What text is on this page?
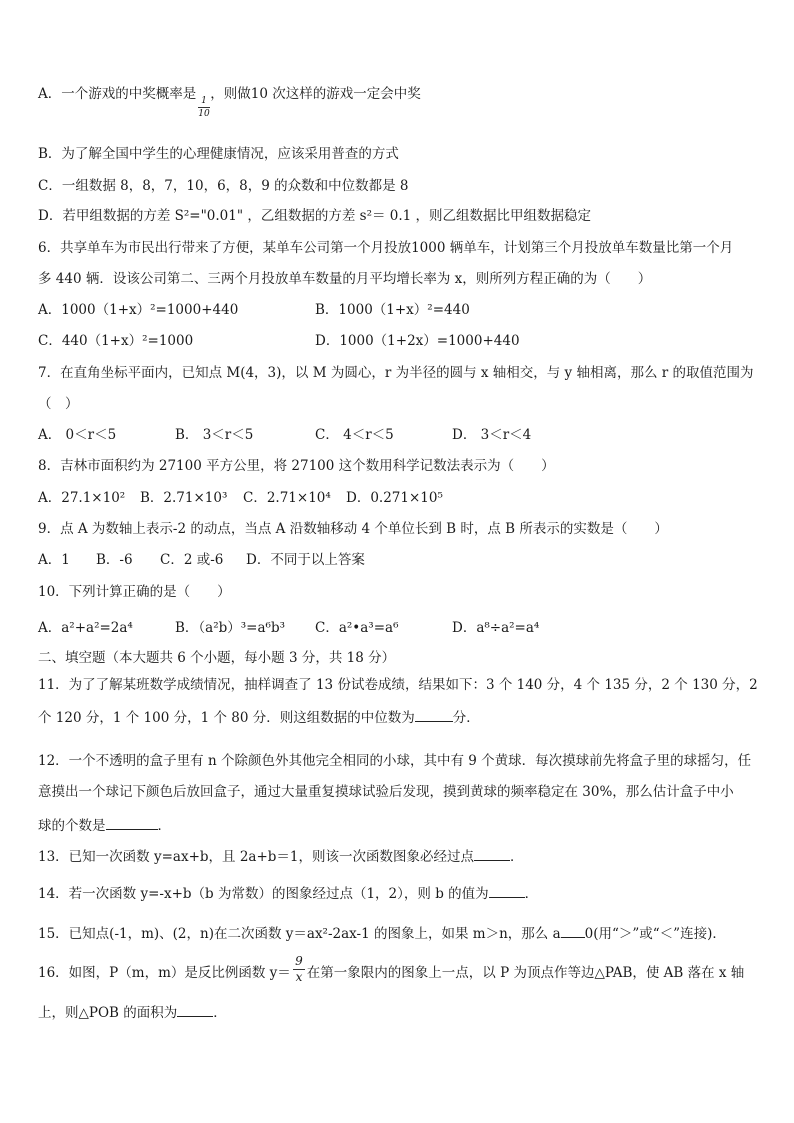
A．一个游戏的中奖概率是 ，则做10 次这样的游戏一定会中奖
1
10
B．为了解全国中学生的心理健康情况，应该采用普查的方式
C．一组数据 8，8，7，10，6，8，9 的众数和中位数都是 8
D．若甲组数据的方差 S²="0.01" ，乙组数据的方差 s²＝ 0.1 ，则乙组数据比甲组数据稳定
6．共享单车为市民出行带来了方便，某单车公司第一个月投放1000 辆单车，计划第三个月投放单车数量比第一个月
多 440 辆．设该公司第二、三两个月投放单车数量的月平均增长率为 x，则所列方程正确的为（　　）
A．1000（1+x）²=1000+440	B．1000（1+x）²=440
C．440（1+x）²=1000	D．1000（1+2x）=1000+440
7．在直角坐标平面内，已知点 M(4，3)，以 M 为圆心，r 为半径的圆与 x 轴相交，与 y 轴相离，那么 r 的取值范围为
（　）
A． 0＜r＜5	B． 3＜r＜5	C． 4＜r＜5	D． 3＜r＜4
8．吉林市面积约为 27100 平方公里，将 27100 这个数用科学记数法表示为（　　）
A．27.1×10² B．2.71×10³ C．2.71×10⁴ D．0.271×10⁵
9．点 A 为数轴上表示-2 的动点，当点 A 沿数轴移动 4 个单位长到 B 时，点 B 所表示的实数是（　　）
A．1 B．-6 C．2 或-6 D．不同于以上答案
10．下列计算正确的是（　　）
A．a²+a²=2a⁴	B．（a²b）³=a⁶b³ C．a²•a³=a⁶	D．a⁸÷a²=a⁴
二、填空题（本大题共 6 个小题，每小题 3 分，共 18 分）
11．为了了解某班数学成绩情况，抽样调查了 13 份试卷成绩，结果如下：3 个 140 分，4 个 135 分，2 个 130 分，2
个 120 分，1 个 100 分，1 个 80 分．则这组数据的中位数为	分．
12．一个不透明的盒子里有 n 个除颜色外其他完全相同的小球，其中有 9 个黄球．每次摸球前先将盒子里的球摇匀，任
意摸出一个球记下颜色后放回盒子，通过大量重复摸球试验后发现，摸到黄球的频率稳定在 30%，那么估计盒子中小
球的个数是	．
13．已知一次函数 y=ax+b，且 2a+b＝1，则该一次函数图象必经过点	．
14．若一次函数 y=-x+b（b 为常数）的图象经过点（1，2），则 b 的值为	．
15．已知点(-1，m)、(2，n)在二次函数 y＝ax²-2ax-1 的图象上，如果 m＞n，那么 a 0(用“＞”或“＜”连接)．
16．如图，P（m，m）是反比例函数 y＝ 在第一象限内的图象上一点，以 P 为顶点作等边△PAB，使 AB 落在 x 轴
9
x
上，则△POB 的面积为	．
